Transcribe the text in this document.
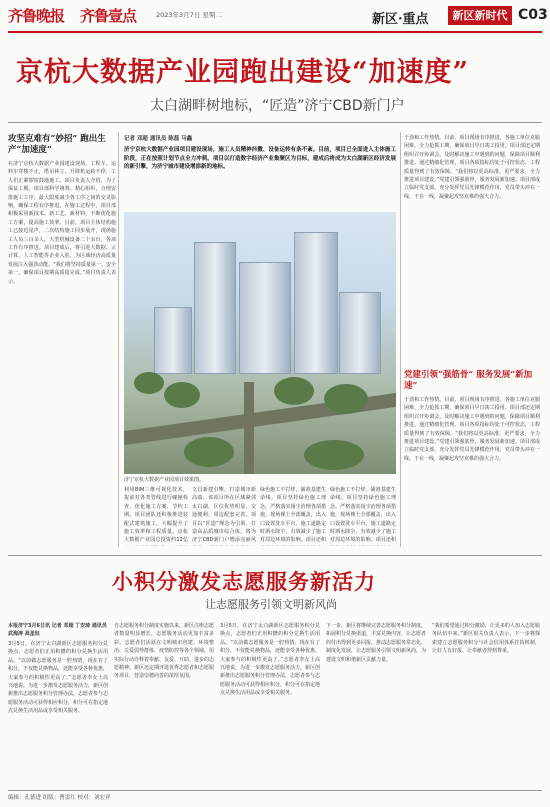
齐鲁晚报 齐鲁壹点	2023年3月7日 星期二	新区·重点	新区新时代 C03
京杭大数据产业园跑出建设“加速度”
太白湖畔树地标，“匠造”济宁CBD新门户
攻坚克难有“妙招” 跑出生产“加速度”
在济宁京杭大数据产业园建设现场，工程车、运料车穿梭不止，塔吊林立，升降机运转不停，工人们正紧锣密鼓地施工。项目负责人介绍，为了保证工期，项目部科学统筹、精心组织，合理安排施工工序，最大限度减少各工序之间的交叉影响，确保工程有序推进。在施工过程中，项目部积极采用新技术、新工艺、新材料，不断优化施工方案，提高施工效率。目前，项目主体结构施工已接近尾声，二次结构施工同步展开，现场施工人员三百余人，大型机械设备二十余台，各项工作有序推进。项目建成后，将引进大数据、云计算、人工智能等企业入驻，为区域经济高质量发展注入强劲动能。“我们将坚持质量第一、安全第一，确保项目按期高质量完成。”项目负责人表示。
记者 邓超 通讯员 陈磊 马鑫
济宁京杭大数据产业园项目建设现场，施工人员精神抖擞、设备运转有条不紊。目前，项目已全面进入主体施工阶段，正在按照计划节点全力冲刺。项目以打造数字经济产业集聚区为目标，建成后将成为太白湖新区经济发展的新引擎，为济宁城市建设增添新的地标。
济宁京杭大数据产业园项目效果图。
干劲和工作热情。目前，项目现场有序推进，各施工单位克服困难，全力抢抓工期，确保项目早日竣工投用。项目部还定期组织召开协调会，及时解决施工中遇到的问题，保障项目顺利推进。通过精细化管理，项目各项指标均处于可控状态，工程质量得到了有效保障。“我们将以更高标准、更严要求，全力推进项目建设。”党建引领强筋骨，服务发展新加速。项目部成立临时党支部，充分发挥党员先锋模范作用，党员带头冲在一线、干在一线，凝聚起攻坚克难的强大合力。
党建引领“强筋骨” 服务发展“新加速”
干劲和工作热情。目前，项目现场有序推进，各施工单位克服困难，全力抢抓工期，确保项目早日竣工投用。项目部还定期组织召开协调会，及时解决施工中遇到的问题，保障项目顺利推进。通过精细化管理，项目各项指标均处于可控状态，工程质量得到了有效保障。“我们将以更高标准、更严要求，全力推进项目建设。”党建引领强筋骨，服务发展新加速。项目部成立临时党支部，充分发挥党员先锋模范作用，党员带头冲在一线、干在一线，凝聚起攻坚克难的强大合力。
利用BIM三维可视化技术，提前对各类管线进行碰撞检查，优化施工方案，节约工期。项目团队还积极推进装配式建筑施工，大幅提升了施工效率和工程质量。京杭大数据产业园总投资约12亿
文昌新建引擎，打造城市新高端。该项目所在区域紧邻太白湖，区位优势明显，交通便利，周边配套完善。项目以“匠造”理念为引领，打造高品质城市综合体，将为济宁CBD新门户增添亮丽风
绿色施工不打烊，铺准基建生命线。项目坚持绿色施工理念，严格落实扬尘治理各项措施，现场裸土全部覆盖，出入口设置洗车平台，施工道路定时洒水降尘，有效减少了施工对周边环境的影响。项目还积
绿色施工不打烊，铺准基建生命线。项目坚持绿色施工理念，严格落实扬尘治理各项措施，现场裸土全部覆盖，出入口设置洗车平台，施工道路定时洒水降尘，有效减少了施工对周边环境的影响。项目还积
小积分激发志愿服务新活力
让志愿服务引领文明新风尚
本报济宁3月6日讯 记者 邓超 丁安琦 通讯员 武海涛 高星钰
3月5日，在济宁太白湖新区志愿服务积分兑换点，志愿者们正用积攒的积分兑换生活用品。“以前做志愿服务是一腔热情，现在有了积分，不仅能兑换物品，还能享受各种优惠，大家参与的积极性更高了。”志愿者李女士高兴地说。为进一步激发志愿服务活力，新区创新推出志愿服务积分管理办法，志愿者参与志愿服务活动可获得相应积分，积分可在指定地点兑换生活用品或享受相关服务。
自志愿服务积分制度实施以来，新区注册志愿者数量明显增长，志愿服务活动更加丰富多彩。志愿者们活跃在文明城市创建、环境整治、关爱弱势群体、疫情防控等各个领域，用实际行动诠释着奉献、友爱、互助、进步的志愿精神。新区还定期评选优秀志愿者和志愿服务项目，营造崇德向善的浓厚氛围。
3月5日，在济宁太白湖新区志愿服务积分兑换点，志愿者们正用积攒的积分兑换生活用品。“以前做志愿服务是一腔热情，现在有了积分，不仅能兑换物品，还能享受各种优惠，大家参与的积极性更高了。”志愿者李女士高兴地说。为进一步激发志愿服务活力，新区创新推出志愿服务积分管理办法，志愿者参与志愿服务活动可获得相应积分，积分可在指定地点兑换生活用品或享受相关服务。
下一步，新区将继续完善志愿服务积分制度，拓展积分兑换渠道，丰富兑换内容，让志愿者的付出得到更多回报，推动志愿服务常态化、制度化发展，让志愿服务引领文明新风尚，为建设文明和谐新区贡献力量。
“我们希望通过积分激励，让更多的人加入志愿服务队伍中来。”新区相关负责人表示，下一步将探索建立志愿服务积分与社会信用体系挂钩机制，让好人有好报、让奉献者得到尊重。
编辑：孔德进 组版：曹雷红 校对：刘宏祥
